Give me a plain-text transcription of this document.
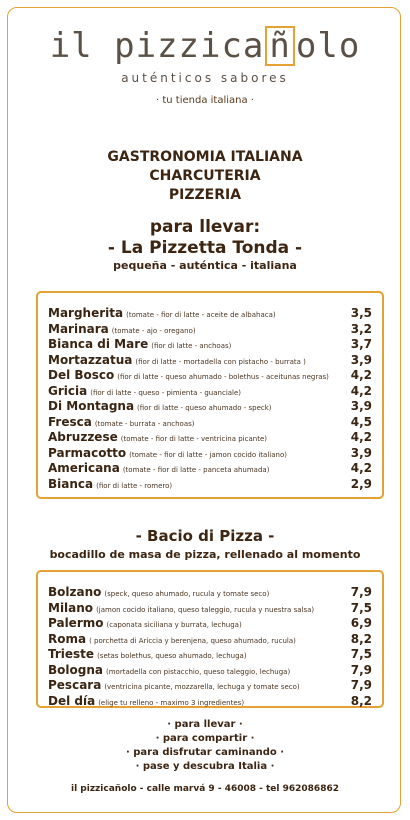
il pizzica ñ olo
auténticos sabores
· tu tienda italiana ·
GASTRONOMIA ITALIANA
CHARCUTERIA
PIZZERIA
para llevar:
- La Pizzetta Tonda -
pequeña - auténtica - italiana
Margherita (tomate - fior di latte - aceite de albahaca)	3,5
Marinara (tomate - ajo - oregano)	3,2
Bianca di Mare (fior di latte - anchoas)	3,7
Mortazzatua (fior di latte - mortadella con pistacho - burrata )	3,9
Del Bosco (fior di latte - queso ahumado - bolethus - aceitunas negras) 4,2
Gricia (fior di latte - queso - pimienta - guanciale)	4,2
Di Montagna (fior di latte - queso ahumado - speck)	3,9
Fresca (tomate - burrata - anchoas)	4,5
Abruzzese (tomate - fior di latte - ventricina picante)	4,2
Parmacotto (tomate - fior di latte - jamon cocido italiano)	3,9
Americana (tomate - fior di latte - panceta ahumada)	4,2
Bianca (fior di latte - romero)	2,9
- Bacio di Pizza -
bocadillo de masa de pizza, rellenado al momento
Bolzano (speck, queso ahumado, rucula y tomate seco)	7,9
Milano (jamon cocido italiano, queso taleggio, rucula y nuestra salsa)	7,5
Palermo (caponata siciliana y burrata, lechuga)	6,9
Roma ( porchetta di Ariccia y berenjena, queso ahumado, rucula)	8,2
Trieste (setas bolethus, queso ahumado, lechuga)	7,5
Bologna (mortadella con pistacchio, queso taleggio, lechuga)	7,9
Pescara (ventricina picante, mozzarella, lechuga y tomate seco)	7,9
Del día (elige tu relleno - maximo 3 ingredientes)	8,2
· para llevar ·
· para compartir ·
· para disfrutar caminando ·
· pase y descubra Italia ·
il pizzicañolo - calle marvá 9 - 46008 - tel 962086862
